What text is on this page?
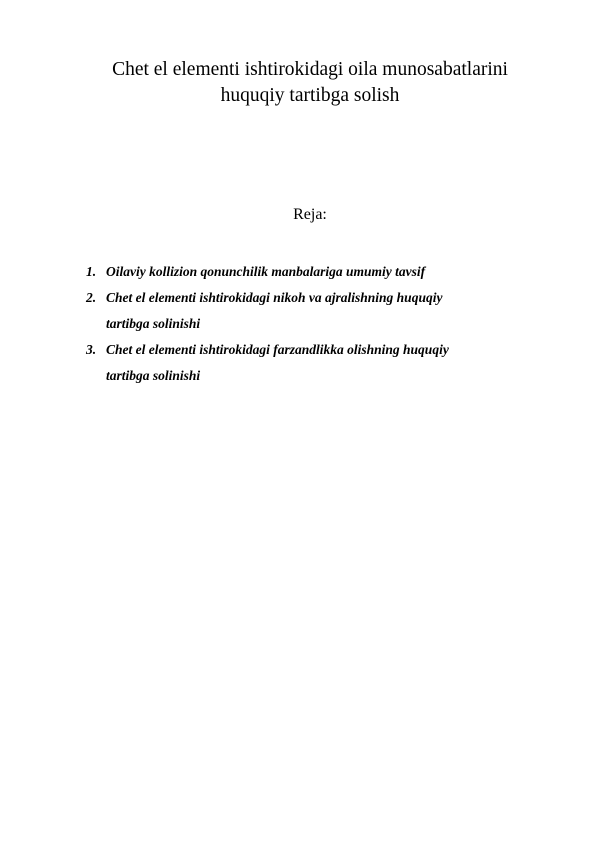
Chet el elementi ishtirokidagi oila munosabatlarini
huquqiy tartibga solish

Reja:

1. Oilaviy kollizion qonunchilik manbalariga umumiy tavsif
2. Chet el elementi ishtirokidagi nikoh va ajralishning huquqiy
tartibga solinishi
3. Chet el elementi ishtirokidagi farzandlikka olishning huquqiy
tartibga solinishi
